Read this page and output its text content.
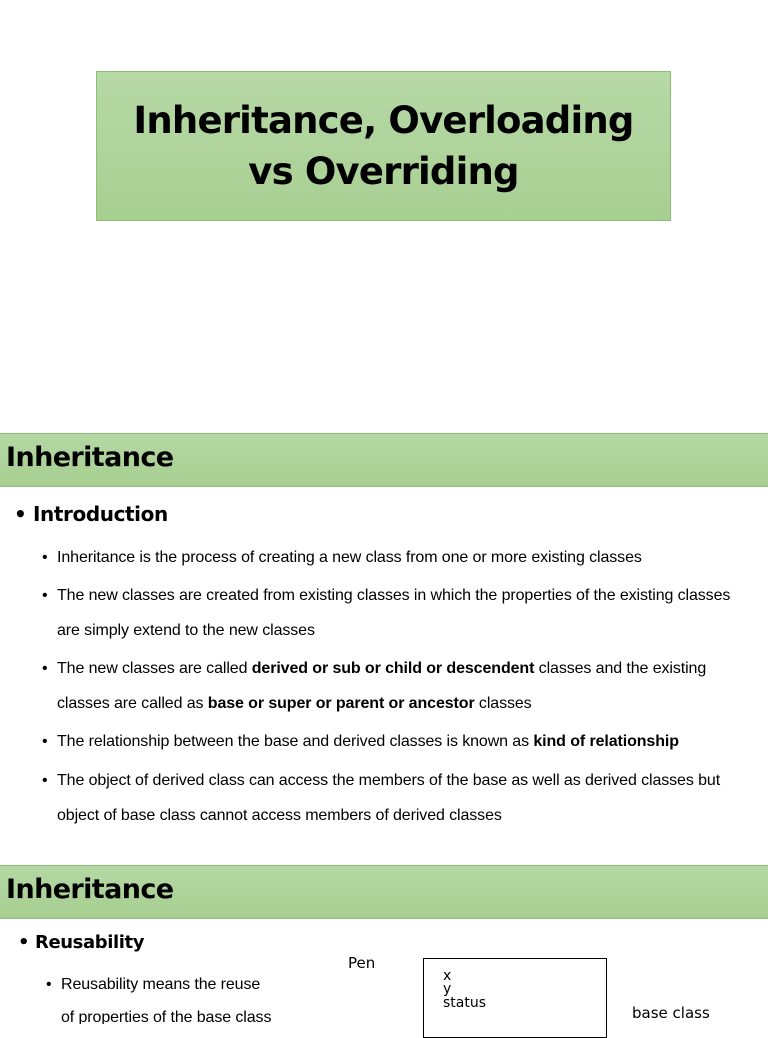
Inheritance, Overloading vs Overriding
Inheritance
• Introduction
• Inheritance is the process of creating a new class from one or more existing classes
• The new classes are created from existing classes in which the properties of the existing classes are simply extend to the new classes
• The new classes are called derived or sub or child or descendent classes and the existing classes are called as base or super or parent or ancestor classes
• The relationship between the base and derived classes is known as kind of relationship
• The object of derived class can access the members of the base as well as derived classes but object of base class cannot access members of derived classes
Inheritance
• Reusability
• Reusability means the reuse
of properties of the base class
Pen
x
y
status
base class
